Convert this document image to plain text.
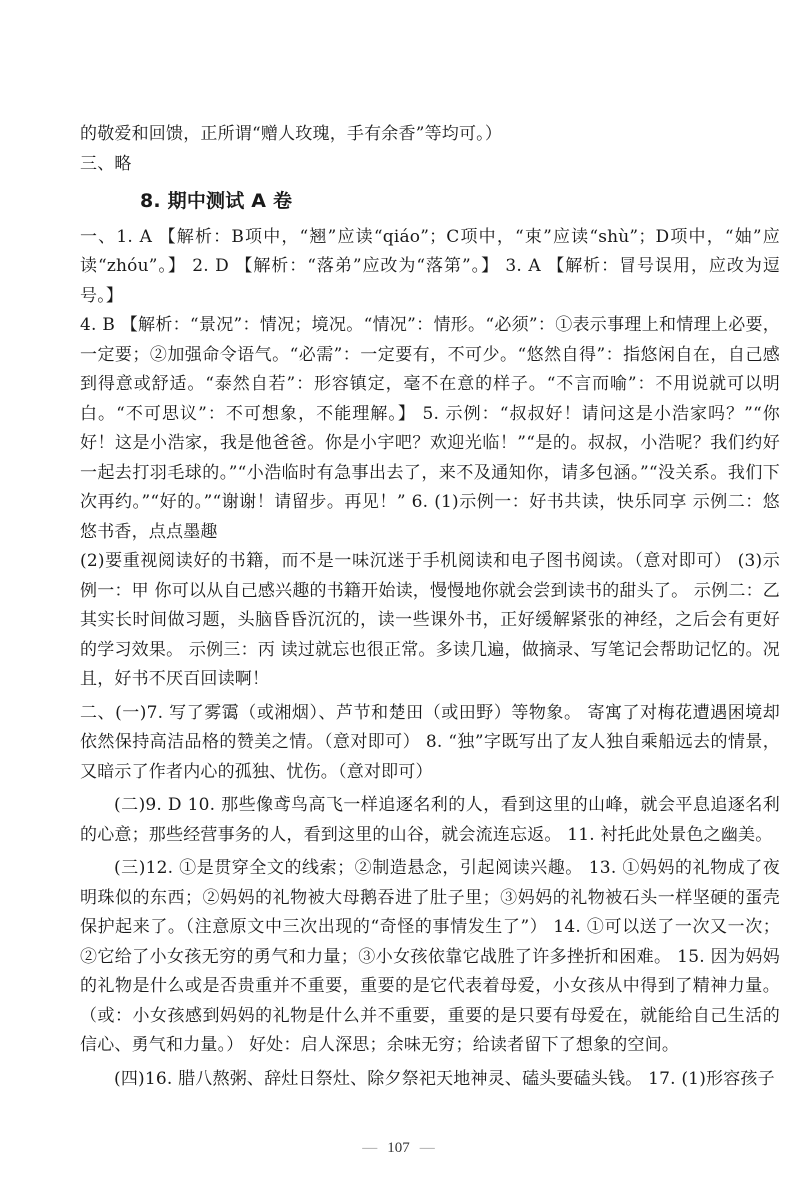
的敬爱和回馈，正所谓“赠人玫瑰，手有余香”等均可。）

三、略

8. 期中测试 A 卷

一、1. A 【解析：B项中，“翘”应读“qiáo”；C项中，“束”应读“shù”；D项中，“妯”应读“zhóu”。】 2. D 【解析：“落弟”应改为“落第”。】 3. A 【解析：冒号误用，应改为逗号。】

4. B 【解析：“景况”：情况；境况。“情况”：情形。“必须”：①表示事理上和情理上必要，一定要；②加强命令语气。“必需”：一定要有，不可少。“悠然自得”：指悠闲自在，自己感到得意或舒适。“泰然自若”：形容镇定，毫不在意的样子。“不言而喻”：不用说就可以明白。“不可思议”：不可想象，不能理解。】 5. 示例：“叔叔好！请问这是小浩家吗？”“你好！这是小浩家，我是他爸爸。你是小宇吧？欢迎光临！”“是的。叔叔，小浩呢？我们约好一起去打羽毛球的。”“小浩临时有急事出去了，来不及通知你，请多包涵。”“没关系。我们下次再约。”“好的。”“谢谢！请留步。再见！” 6. (1)示例一：好书共读，快乐同享 示例二：悠悠书香，点点墨趣

(2)要重视阅读好的书籍，而不是一味沉迷于手机阅读和电子图书阅读。（意对即可） (3)示例一：甲 你可以从自己感兴趣的书籍开始读，慢慢地你就会尝到读书的甜头了。 示例二：乙 其实长时间做习题，头脑昏昏沉沉的，读一些课外书，正好缓解紧张的神经，之后会有更好的学习效果。 示例三：丙 读过就忘也很正常。多读几遍，做摘录、写笔记会帮助记忆的。况且，好书不厌百回读啊！

二、(一)7. 写了雾霭（或湘烟）、芦节和楚田（或田野）等物象。 寄寓了对梅花遭遇困境却依然保持高洁品格的赞美之情。（意对即可） 8. “独”字既写出了友人独自乘船远去的情景，又暗示了作者内心的孤独、忧伤。（意对即可）

(二)9. D 10. 那些像鸢鸟高飞一样追逐名利的人，看到这里的山峰，就会平息追逐名利的心意；那些经营事务的人，看到这里的山谷，就会流连忘返。 11. 衬托此处景色之幽美。

(三)12. ①是贯穿全文的线索；②制造悬念，引起阅读兴趣。 13. ①妈妈的礼物成了夜明珠似的东西；②妈妈的礼物被大母鹅吞进了肚子里；③妈妈的礼物被石头一样坚硬的蛋壳保护起来了。（注意原文中三次出现的“奇怪的事情发生了”） 14. ①可以送了一次又一次；②它给了小女孩无穷的勇气和力量；③小女孩依靠它战胜了许多挫折和困难。 15. 因为妈妈的礼物是什么或是否贵重并不重要，重要的是它代表着母爱，小女孩从中得到了精神力量。（或：小女孩感到妈妈的礼物是什么并不重要，重要的是只要有母爱在，就能给自己生活的信心、勇气和力量。） 好处：启人深思；余味无穷；给读者留下了想象的空间。

(四)16. 腊八熬粥、辞灶日祭灶、除夕祭祀天地神灵、磕头要磕头钱。 17. (1)形容孩子

— 107 —
